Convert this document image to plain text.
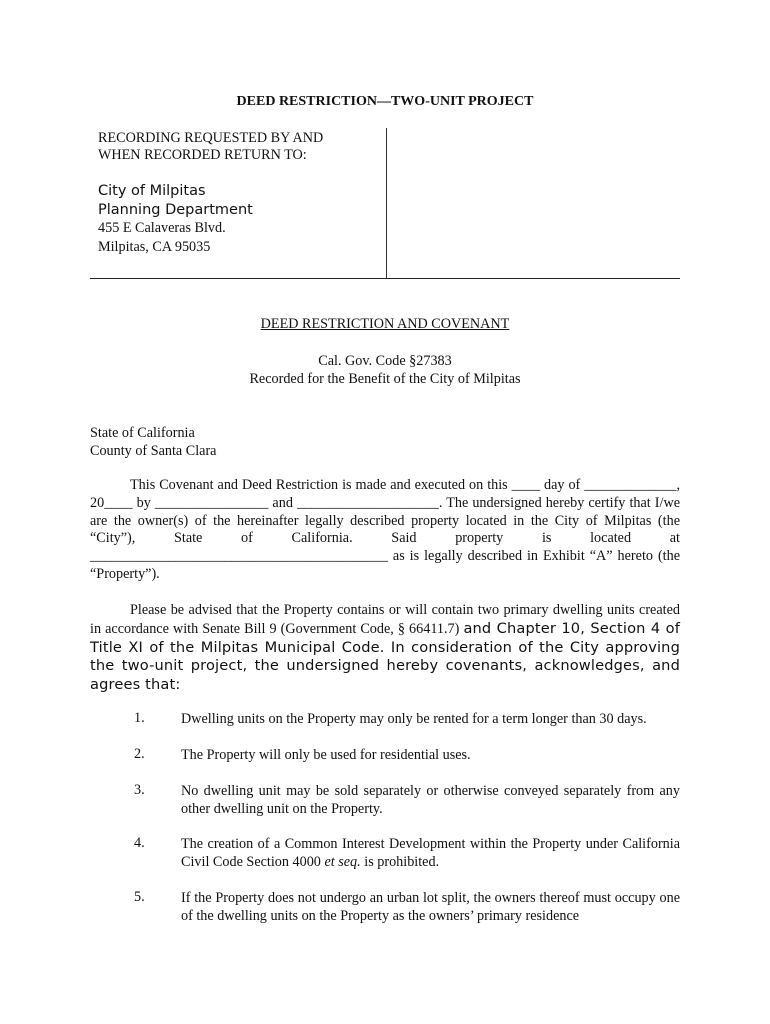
DEED RESTRICTION—TWO-UNIT PROJECT
RECORDING REQUESTED BY AND
WHEN RECORDED RETURN TO:
City of Milpitas
Planning Department
455 E Calaveras Blvd.
Milpitas, CA 95035
DEED RESTRICTION AND COVENANT
Cal. Gov. Code §27383
Recorded for the Benefit of the City of Milpitas
State of California
County of Santa Clara
This Covenant and Deed Restriction is made and executed on this ____ day of _____________, 20____ by ________________ and ____________________. The undersigned hereby certify that I/we are the owner(s) of the hereinafter legally described property located in the City of Milpitas (the “City”), State of California. Said property is located at __________________________________________ as is legally described in Exhibit “A” hereto (the “Property”).
Please be advised that the Property contains or will contain two primary dwelling units created in accordance with Senate Bill 9 (Government Code, § 66411.7) and Chapter 10, Section 4 of Title XI of the Milpitas Municipal Code. In consideration of the City approving the two-unit project, the undersigned hereby covenants, acknowledges, and agrees that:
1.	Dwelling units on the Property may only be rented for a term longer than 30 days.
2.	The Property will only be used for residential uses.
3.	No dwelling unit may be sold separately or otherwise conveyed separately from any other dwelling unit on the Property.
4.	The creation of a Common Interest Development within the Property under California Civil Code Section 4000 et seq. is prohibited.
5.	If the Property does not undergo an urban lot split, the owners thereof must occupy one of the dwelling units on the Property as the owners’ primary residence
